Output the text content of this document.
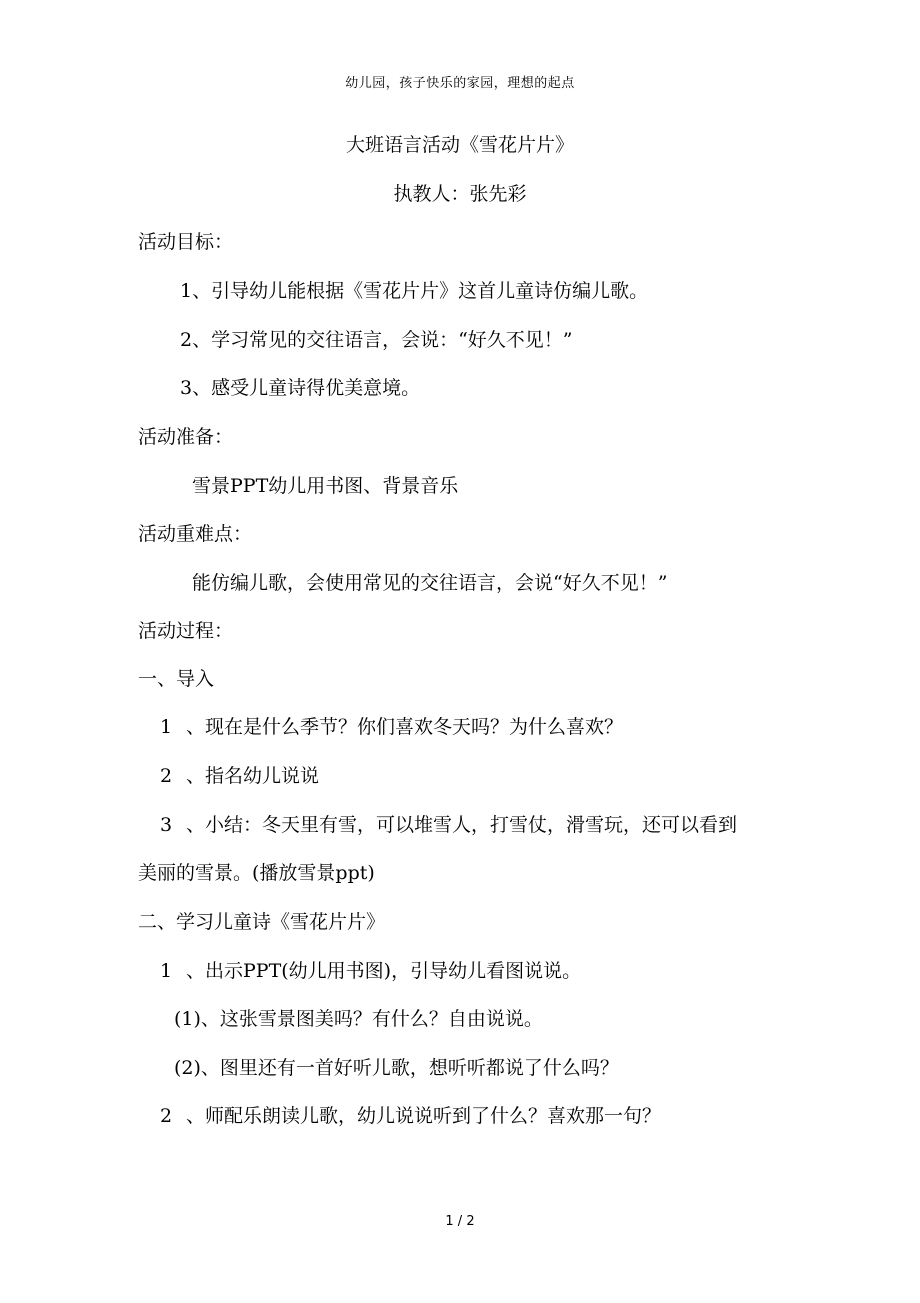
幼儿园，孩子快乐的家园，理想的起点
大班语言活动《雪花片片》
执教人：张先彩
活动目标：
1、引导幼儿能根据《雪花片片》这首儿童诗仿编儿歌。
2、学习常见的交往语言，会说：“好久不见！”
3、感受儿童诗得优美意境。
活动准备：
雪景PPT幼儿用书图、背景音乐
活动重难点：
能仿编儿歌，会使用常见的交往语言，会说“好久不见！”
活动过程：
一、导入
1 、现在是什么季节？你们喜欢冬天吗？为什么喜欢？
2 、指名幼儿说说
3 、小结：冬天里有雪，可以堆雪人，打雪仗，滑雪玩，还可以看到
美丽的雪景。(播放雪景ppt)
二、学习儿童诗《雪花片片》
1 、出示PPT(幼儿用书图)，引导幼儿看图说说。
(1)、这张雪景图美吗？有什么？自由说说。
(2)、图里还有一首好听儿歌，想听听都说了什么吗？
2 、师配乐朗读儿歌，幼儿说说听到了什么？喜欢那一句？
1 / 2
